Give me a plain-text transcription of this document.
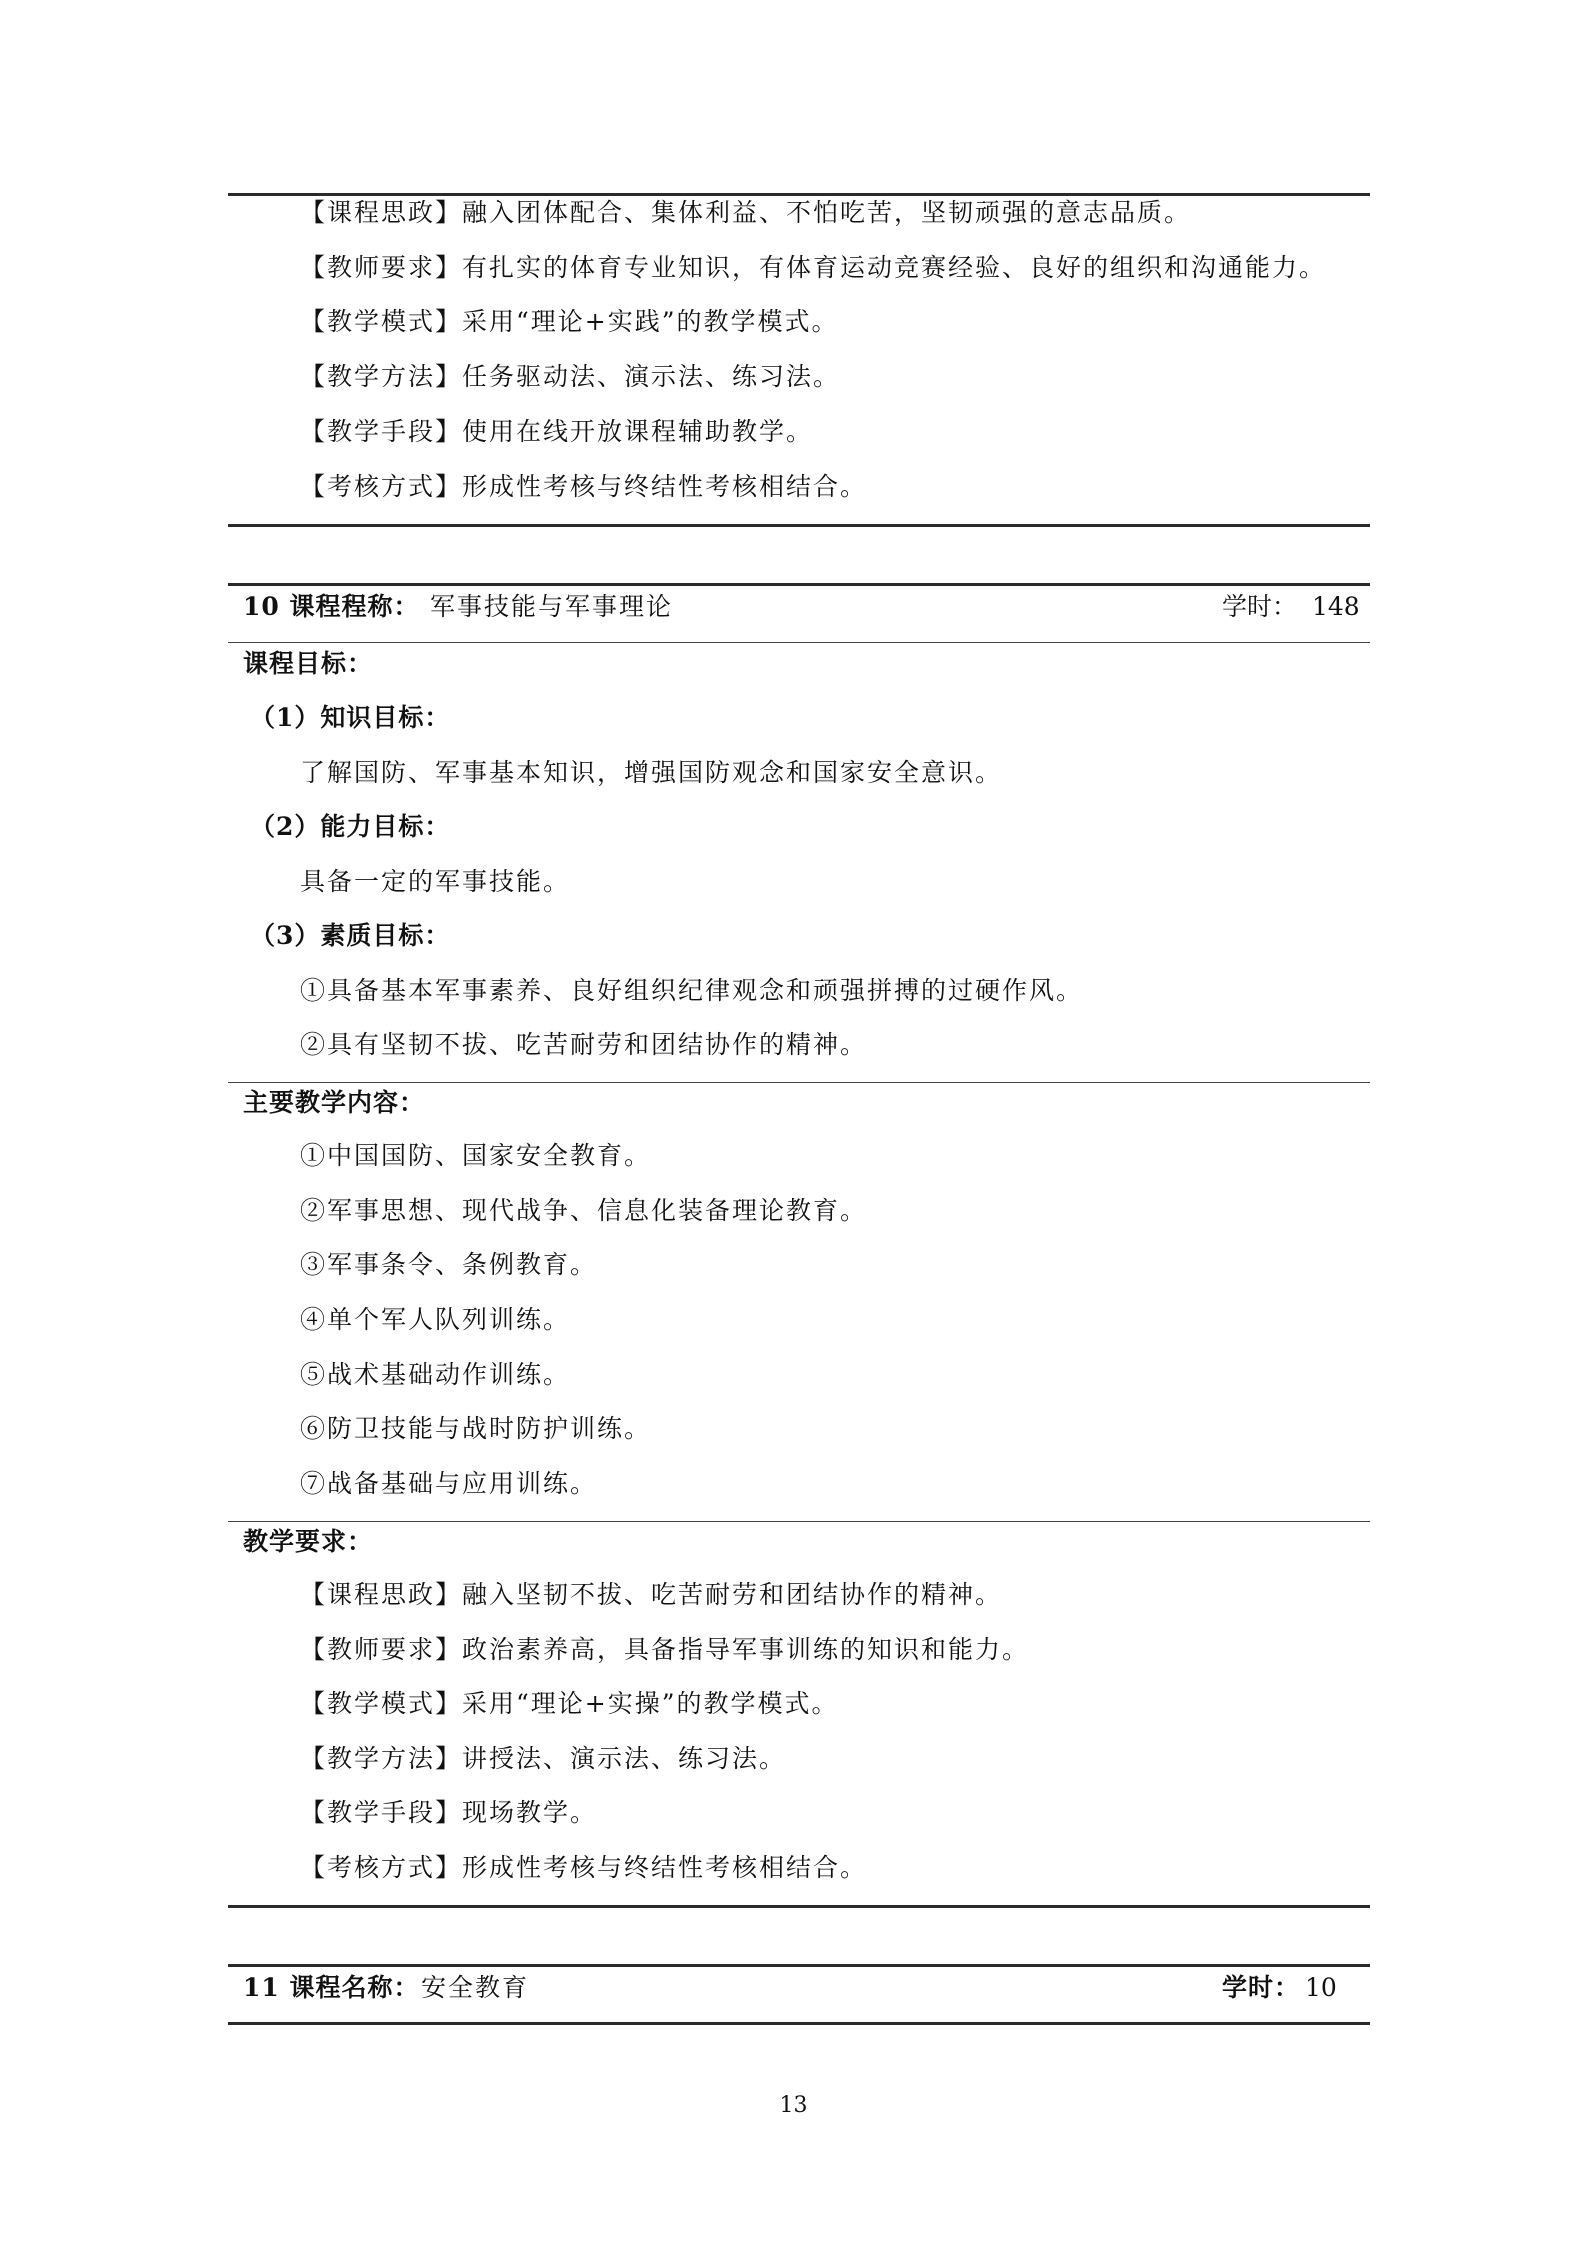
【课程思政】融入团体配合、集体利益、不怕吃苦，坚韧顽强的意志品质。
【教师要求】有扎实的体育专业知识，有体育运动竞赛经验、良好的组织和沟通能力。
【教学模式】采用“理论+实践”的教学模式。
【教学方法】任务驱动法、演示法、练习法。
【教学手段】使用在线开放课程辅助教学。
【考核方式】形成性考核与终结性考核相结合。
10 课程程称： 军事技能与军事理论	学时： 148
课程目标：
（1）知识目标：
了解国防、军事基本知识，增强国防观念和国家安全意识。
（2）能力目标：
具备一定的军事技能。
（3）素质目标：
①具备基本军事素养、良好组织纪律观念和顽强拼搏的过硬作风。
②具有坚韧不拔、吃苦耐劳和团结协作的精神。
主要教学内容：
①中国国防、国家安全教育。
②军事思想、现代战争、信息化装备理论教育。
③军事条令、条例教育。
④单个军人队列训练。
⑤战术基础动作训练。
⑥防卫技能与战时防护训练。
⑦战备基础与应用训练。
教学要求：
【课程思政】融入坚韧不拔、吃苦耐劳和团结协作的精神。
【教师要求】政治素养高，具备指导军事训练的知识和能力。
【教学模式】采用“理论+实操”的教学模式。
【教学方法】讲授法、演示法、练习法。
【教学手段】现场教学。
【考核方式】形成性考核与终结性考核相结合。
11 课程名称： 安全教育	学时： 10
13
